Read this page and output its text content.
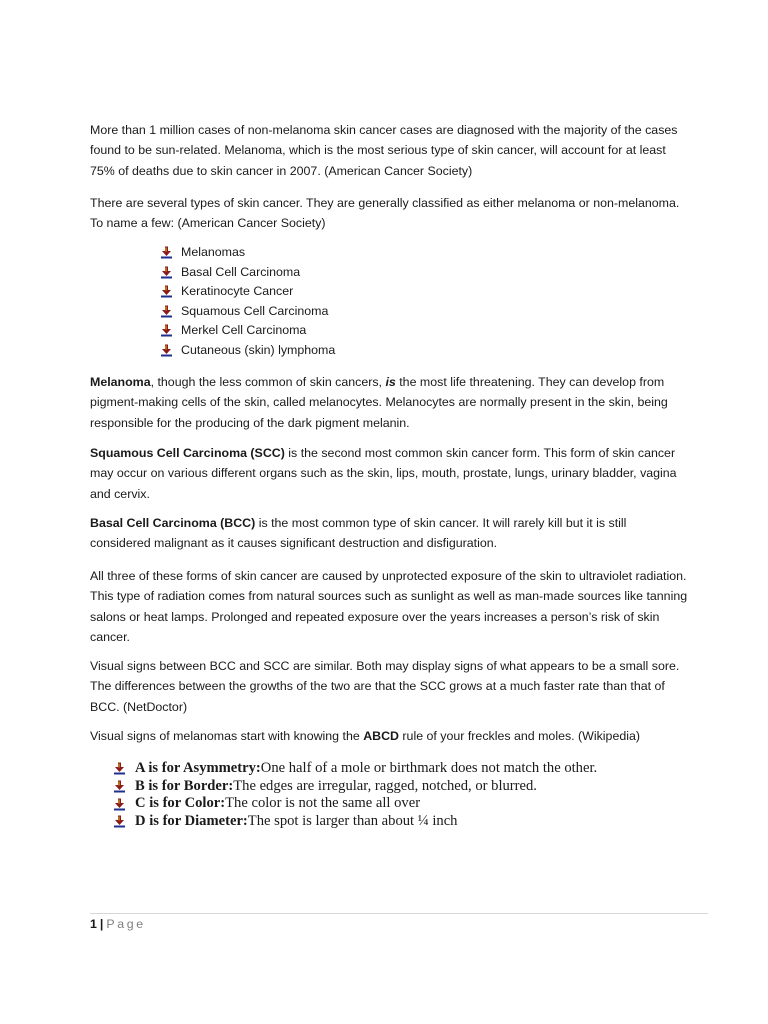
More than 1 million cases of non-melanoma skin cancer cases are diagnosed with the majority of the cases found to be sun-related. Melanoma, which is the most serious type of skin cancer, will account for at least 75% of deaths due to skin cancer in 2007. (American Cancer Society)

There are several types of skin cancer. They are generally classified as either melanoma or non-melanoma. To name a few: (American Cancer Society)

Melanomas
Basal Cell Carcinoma
Keratinocyte Cancer
Squamous Cell Carcinoma
Merkel Cell Carcinoma
Cutaneous (skin) lymphoma

Melanoma, though the less common of skin cancers, is the most life threatening. They can develop from pigment-making cells of the skin, called melanocytes. Melanocytes are normally present in the skin, being responsible for the producing of the dark pigment melanin.

Squamous Cell Carcinoma (SCC) is the second most common skin cancer form. This form of skin cancer may occur on various different organs such as the skin, lips, mouth, prostate, lungs, urinary bladder, vagina and cervix.

Basal Cell Carcinoma (BCC) is the most common type of skin cancer. It will rarely kill but it is still considered malignant as it causes significant destruction and disfiguration.

All three of these forms of skin cancer are caused by unprotected exposure of the skin to ultraviolet radiation. This type of radiation comes from natural sources such as sunlight as well as man-made sources like tanning salons or heat lamps. Prolonged and repeated exposure over the years increases a person’s risk of skin cancer.

Visual signs between BCC and SCC are similar. Both may display signs of what appears to be a small sore. The differences between the growths of the two are that the SCC grows at a much faster rate than that of BCC. (NetDoctor)

Visual signs of melanomas start with knowing the ABCD rule of your freckles and moles. (Wikipedia)

A is for Asymmetry: One half of a mole or birthmark does not match the other.
B is for Border: The edges are irregular, ragged, notched, or blurred.
C is for Color: The color is not the same all over
D is for Diameter: The spot is larger than about ¼ inch
1 | Page
